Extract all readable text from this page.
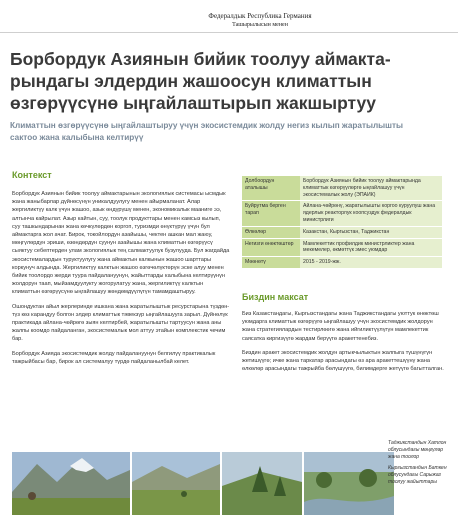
Федералдык Республика Германия
Ташырылысын менен
Борбордук Азиянын бийик тоолуу аймакта-рындагы элдердин жашоосун климаттын өзгөрүүсүнө ыңгайлаштырып жакшыртуу

Климаттын өзгөрүүсүнө ыңгайлаштыруу үчүн экосистемдик жолду негиз кылып жаратылышты сактоо жана калыбына келтирүү

Контекст

Борбордук Азиянын бийик тоолуу аймактарынын экологиялык системасы ысмдык жана жаныбарлар дүйнөсүнүн уникалдуулугу менен айырмаланат. Алар жергиликтүү калк үчүн жашоо, азык өндүрүшү менен, экономикалык мааниге ээ, алтынча кайрылат. Азыр кайтын, суу, тоолук продукттары менен камсыз кылып, суу ташкындарынан жана көчкүлөрдөн коргоп, туризмди өнүктүрүү үчүн бул аймактарга жол ачат. Бирок, токойлордун азайышы, чектен ашкан мал жаюу, мөңгүлөрдүн эриши, өзөндөрдүн суунун азайышы жана климаттын өзгөрүүсү сыяктуу себептерден улам экологиялык тең салмактуулук бузулууда. Бул жагдайда экосистемалардын туруктуулугу жана аймактын калкынын жашоо шарттары коркунуч алдында. Жергиликтүү калктын жашоо өзгөчөлүктөрүн эске алуу менен бийик тоолордо жерди туура пайдалануунун, жайыттарды калыбына келтирүүнүн жолдорун таап, мыйзамдуулукту жогорулатуу жана, жергиликтүү калктын климаттын өзгөрүүсүнө ыңгайлашуу жөндөмдүүлүгүн тамамдаштыруу.

Ошондуктан айыл жерлеринде ишкана жана жаратылыштык ресурстарына түздөн-түз көз карандуу болгон элдер климаттык тәвекзүр ыңгайлашууга зарыл. Дүйнөлүк практикада айлана-чөйрөгө зыян келтирбей, жаратылышты тартуусун жана аны жалпы коомдо пайдаланган, экосистемалык мол аттуу этайын комплекстик чечим бар.

Борбордук Азияда экосистемдик жолду пайдалануунун белгилүү практикалык тажрыйбасы бар, бирок ал системалуу түрдө пайдаланылбай келет.

Долбоордун аталышы	Борбордук Азиянын бийик тоолуу аймактарында климаттык өзгөрүүлөргө ыңгайлашуу үчүн экосистемалык жолу (ЭПАИК)
Буйрутма берген тарап	Айлана-чөйрөнү, жаратылышты коргоо куруулуш жана ядерлык реакторлук коопсуздук федералдык министрлиги
Өлкөлөр	Казакстан, Кыргызстан, Таджикстан
Негизги өнөктөштөр	Мамлекеттик профилдик министрликтер жана мекемелер, өкмөттүк эмес уюмдар
Мөөнөтү	2015 - 2019-жж.
Биздин максат

Биз Казакстандагы, Кыргызстандагы жана Таджикстандагы уюттук өнөктөш уюмдарга климаттык өзгөрүүгө ыңгайлашуу үчүн экосистемдик жолдорун жана стратегиялардын тестирлөөгө жана ийгиликтүүлүгүн мамлекеттик саясатка киргизүүгө жардам берүүгө аракеттенебиз.

Биздин аракет экосистемдик жолдун артыкчылыктын жалпыга түшүнүгүн жетишүүгө; ичке жана таркатар арасындагы өз ара аракеттешүүнү жана өлкөлөр арасындагы тажрыйба бөлүшүүгө, билимдерге жетүүгө багытталган.

Таджикстандын Хатлон облусындагы мөңгүлөр жана тоолор

Кыргызстандын Баткен облусундагы Сарыжаз тоолуу жайыттары
